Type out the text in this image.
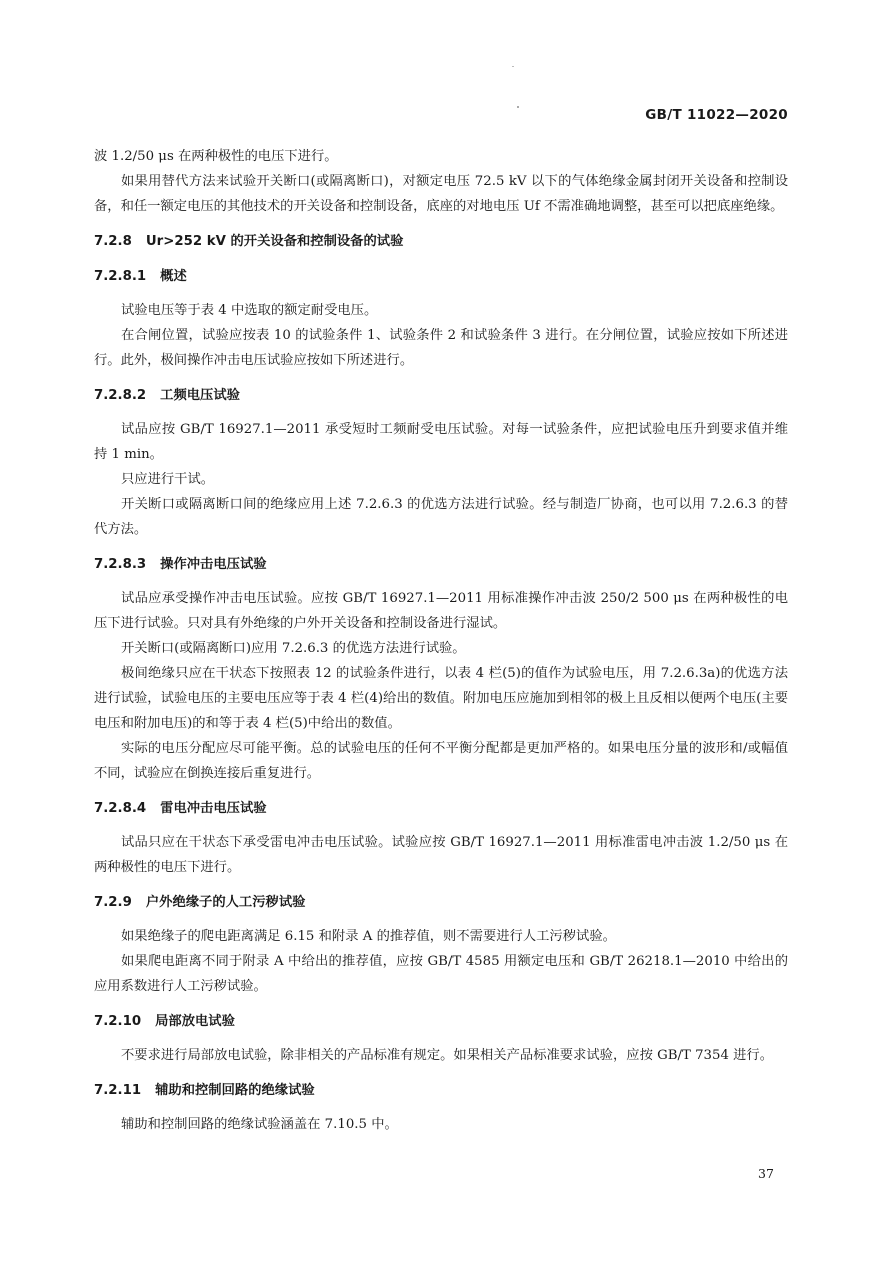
GB/T 11022—2020

波 1.2/50 μs 在两种极性的电压下进行。

如果用替代方法来试验开关断口(或隔离断口)，对额定电压 72.5 kV 以下的气体绝缘金属封闭开关设备和控制设备，和任一额定电压的其他技术的开关设备和控制设备，底座的对地电压 Uf 不需准确地调整，甚至可以把底座绝缘。

7.2.8 Ur>252 kV 的开关设备和控制设备的试验
7.2.8.1 概述

试验电压等于表 4 中选取的额定耐受电压。

在合闸位置，试验应按表 10 的试验条件 1、试验条件 2 和试验条件 3 进行。在分闸位置，试验应按如下所述进行。此外，极间操作冲击电压试验应按如下所述进行。

7.2.8.2 工频电压试验

试品应按 GB/T 16927.1—2011 承受短时工频耐受电压试验。对每一试验条件，应把试验电压升到要求值并维持 1 min。

只应进行干试。

开关断口或隔离断口间的绝缘应用上述 7.2.6.3 的优选方法进行试验。经与制造厂协商，也可以用 7.2.6.3 的替代方法。

7.2.8.3 操作冲击电压试验

试品应承受操作冲击电压试验。应按 GB/T 16927.1—2011 用标准操作冲击波 250/2 500 μs 在两种极性的电压下进行试验。只对具有外绝缘的户外开关设备和控制设备进行湿试。

开关断口(或隔离断口)应用 7.2.6.3 的优选方法进行试验。

极间绝缘只应在干状态下按照表 12 的试验条件进行，以表 4 栏(5)的值作为试验电压，用 7.2.6.3a)的优选方法进行试验，试验电压的主要电压应等于表 4 栏(4)给出的数值。附加电压应施加到相邻的极上且反相以便两个电压(主要电压和附加电压)的和等于表 4 栏(5)中给出的数值。

实际的电压分配应尽可能平衡。总的试验电压的任何不平衡分配都是更加严格的。如果电压分量的波形和/或幅值不同，试验应在倒换连接后重复进行。

7.2.8.4 雷电冲击电压试验

试品只应在干状态下承受雷电冲击电压试验。试验应按 GB/T 16927.1—2011 用标准雷电冲击波 1.2/50 μs 在两种极性的电压下进行。

7.2.9 户外绝缘子的人工污秽试验

如果绝缘子的爬电距离满足 6.15 和附录 A 的推荐值，则不需要进行人工污秽试验。

如果爬电距离不同于附录 A 中给出的推荐值，应按 GB/T 4585 用额定电压和 GB/T 26218.1—2010 中给出的应用系数进行人工污秽试验。

7.2.10 局部放电试验

不要求进行局部放电试验，除非相关的产品标准有规定。如果相关产品标准要求试验，应按 GB/T 7354 进行。

7.2.11 辅助和控制回路的绝缘试验

辅助和控制回路的绝缘试验涵盖在 7.10.5 中。

37
